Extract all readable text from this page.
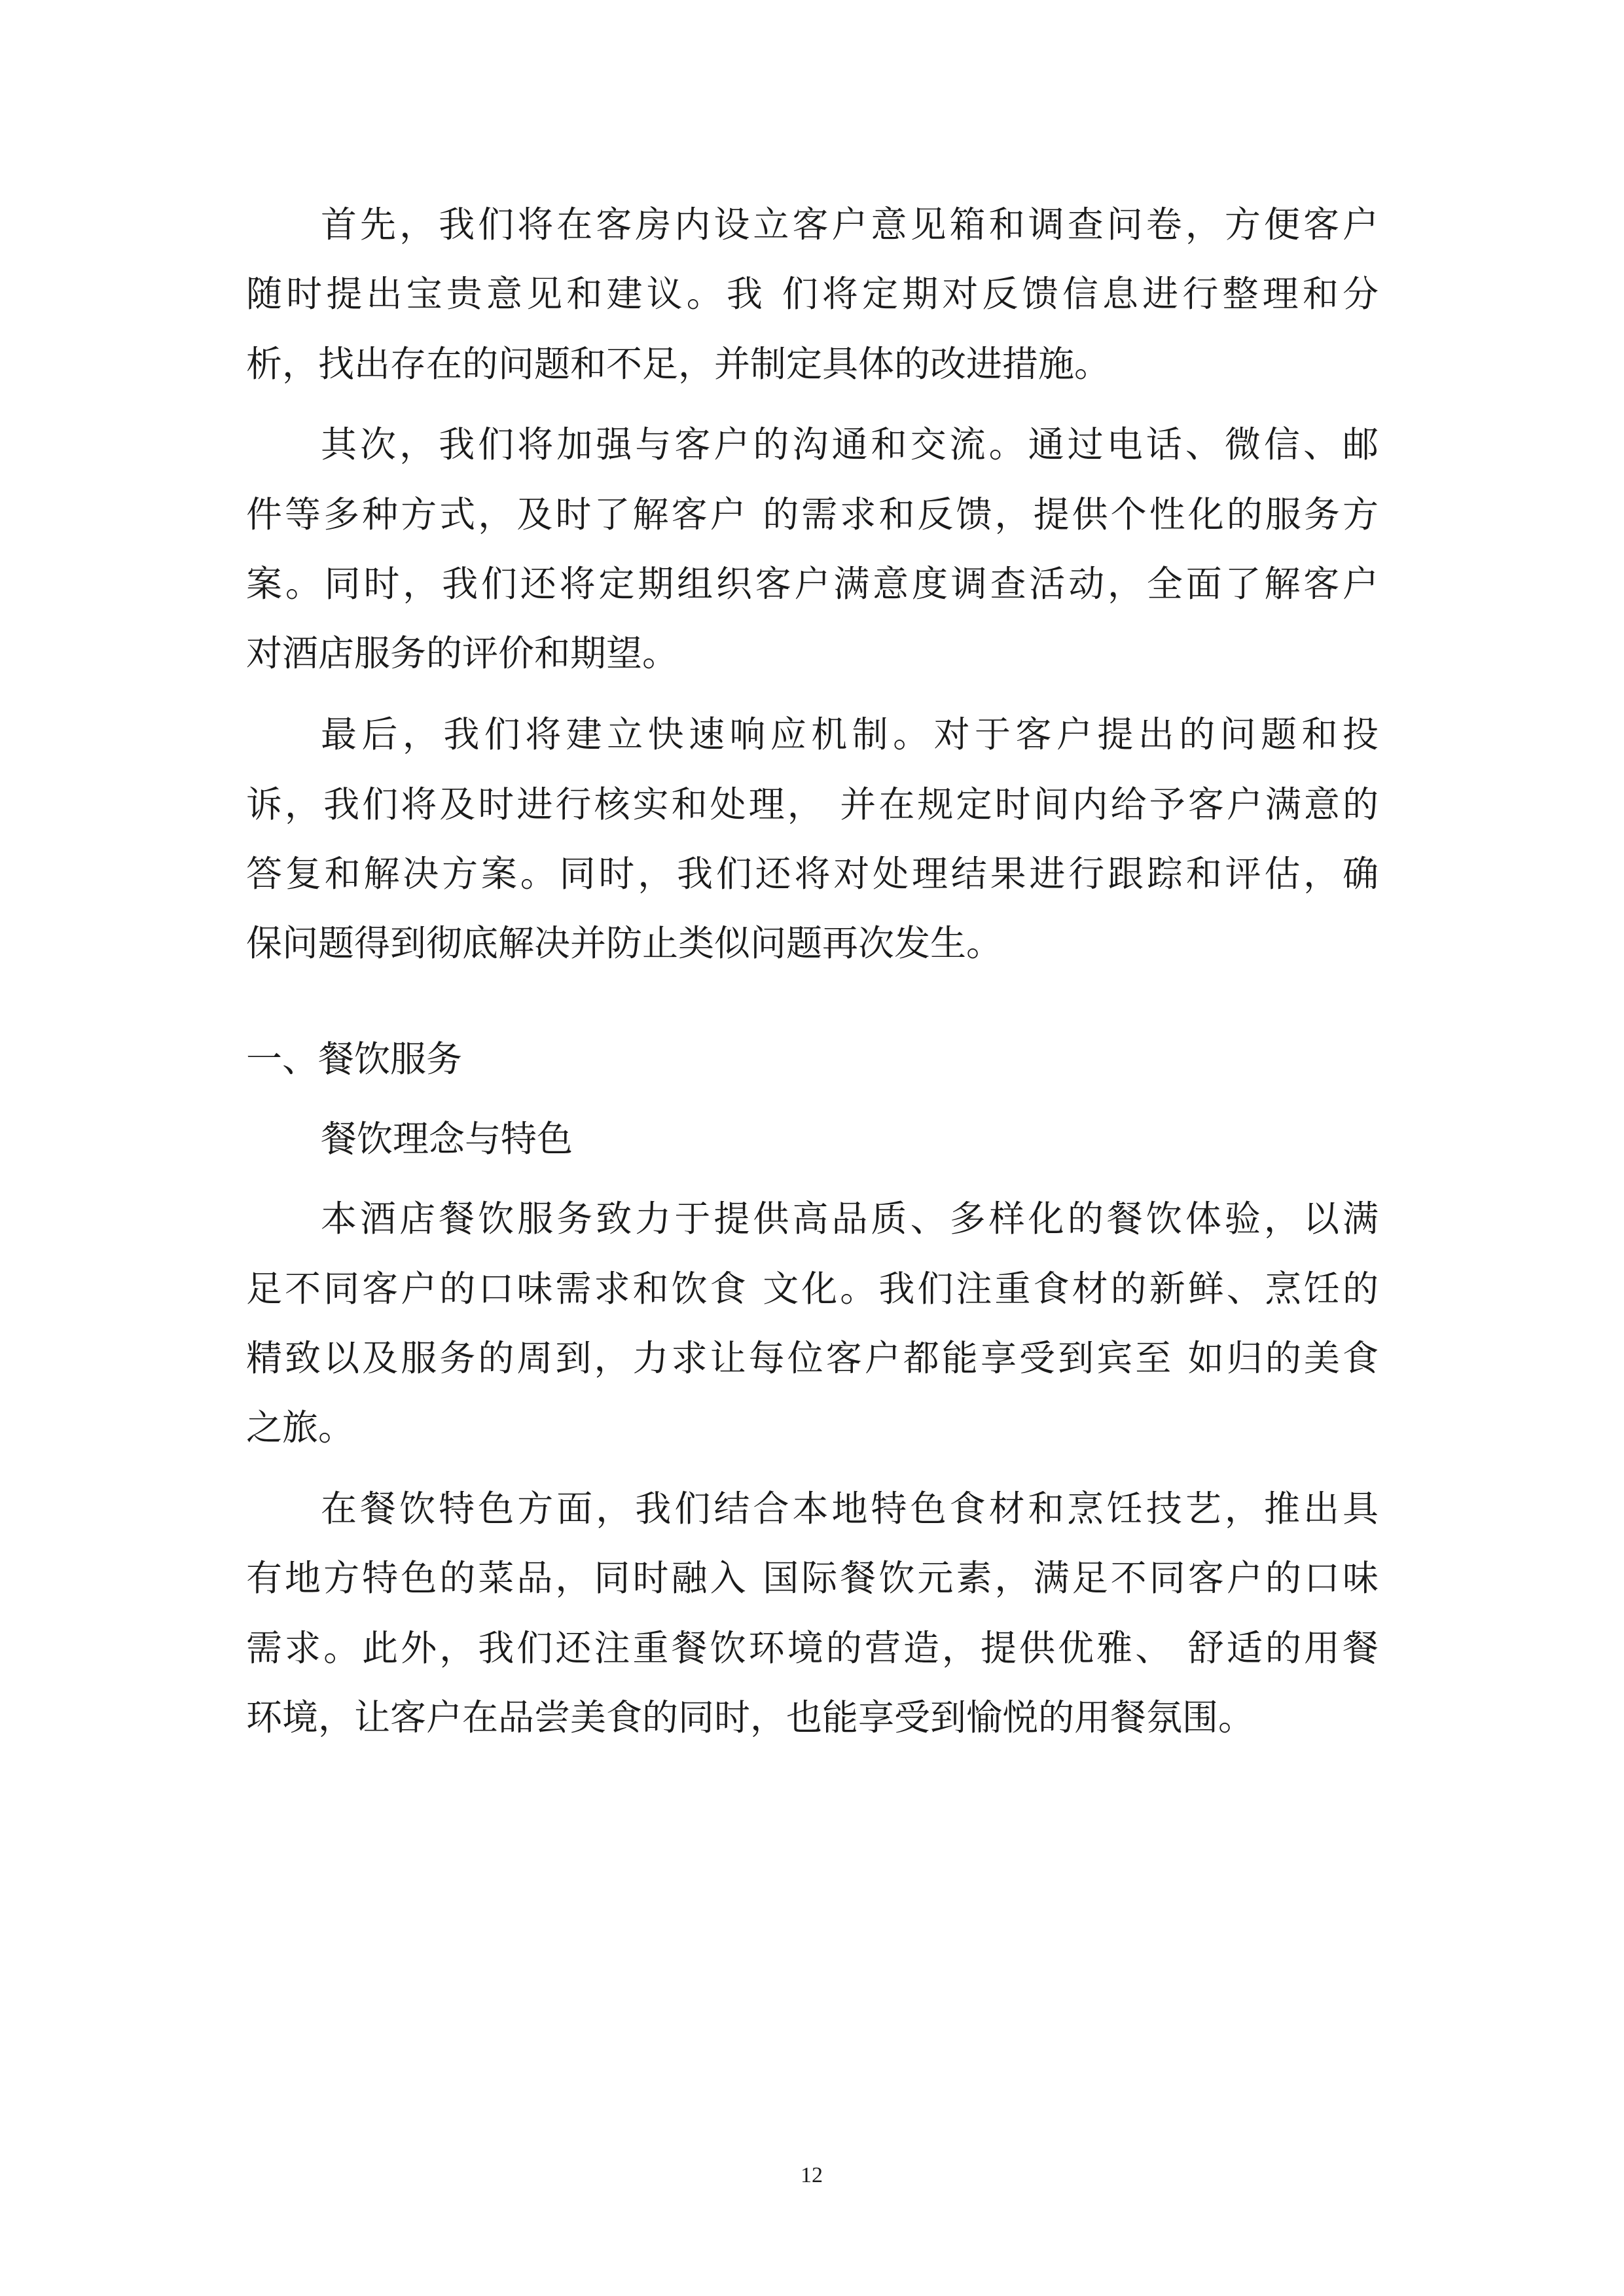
首先，我们将在客房内设立客户意见箱和调查问卷，方便客户
随时提出宝贵意见和建议。我 们将定期对反馈信息进行整理和分
析，找出存在的问题和不足，并制定具体的改进措施。
其次，我们将加强与客户的沟通和交流。通过电话、微信、邮
件等多种方式，及时了解客户 的需求和反馈，提供个性化的服务方
案。同时，我们还将定期组织客户满意度调查活动，全面了解客户
对酒店服务的评价和期望。
最后，我们将建立快速响应机制。对于客户提出的问题和投
诉，我们将及时进行核实和处理， 并在规定时间内给予客户满意的
答复和解决方案。同时，我们还将对处理结果进行跟踪和评估，确
保问题得到彻底解决并防止类似问题再次发生。
一、餐饮服务
餐饮理念与特色
本酒店餐饮服务致力于提供高品质、多样化的餐饮体验，以满
足不同客户的口味需求和饮食 文化。我们注重食材的新鲜、烹饪的
精致以及服务的周到，力求让每位客户都能享受到宾至 如归的美食
之旅。
在餐饮特色方面，我们结合本地特色食材和烹饪技艺，推出具
有地方特色的菜品，同时融入 国际餐饮元素，满足不同客户的口味
需求。此外，我们还注重餐饮环境的营造，提供优雅、 舒适的用餐
环境，让客户在品尝美食的同时，也能享受到愉悦的用餐氛围。
12
